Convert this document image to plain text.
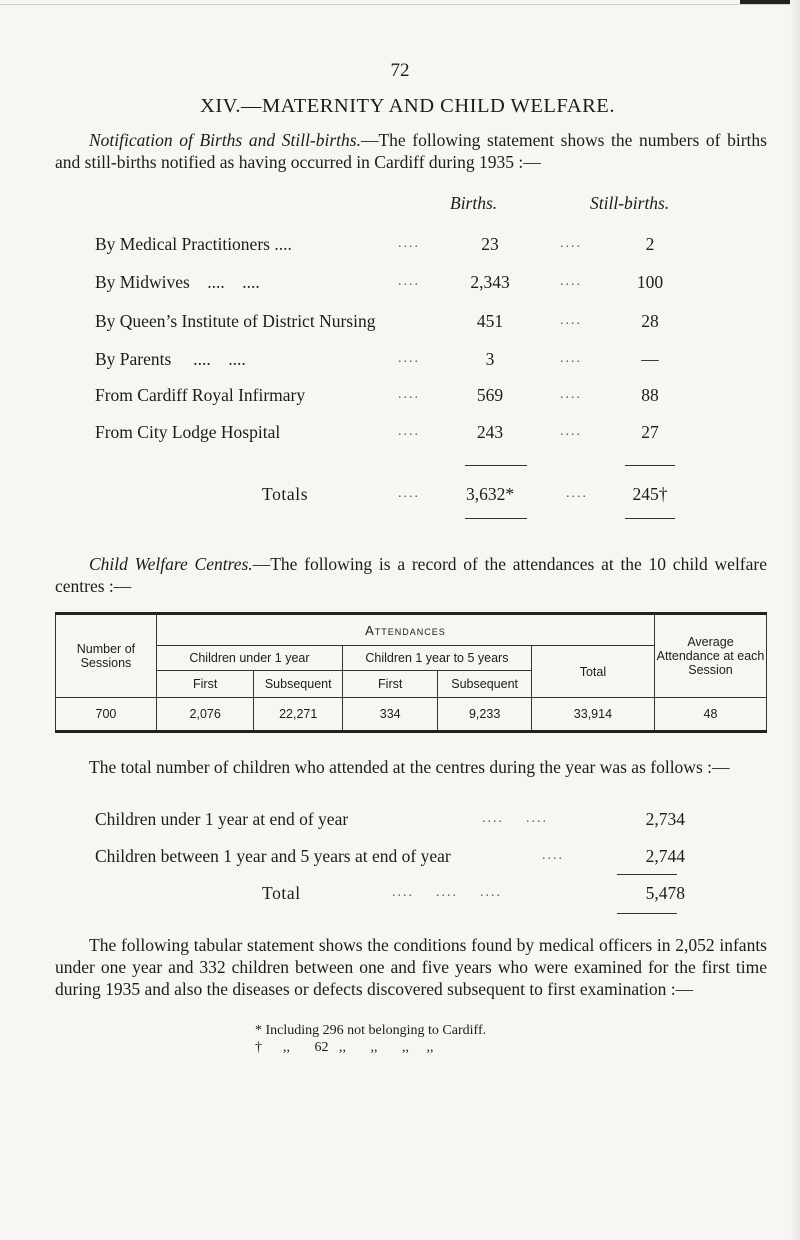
72
XIV.—MATERNITY AND CHILD WELFARE.
Notification of Births and Still-births.—The following statement shows the numbers of births and still-births notified as having occurred in Cardiff during 1935 :—
Births.	Still-births.
By Medical Practitioners ....	....	23	....	2
By Midwives    ....    ....	....	2,343	....	100
By Queen’s Institute of District Nursing	451	....	28
By Parents     ....    ....	....	3	....	—
From Cardiff Royal Infirmary	....	569	....	88
From City Lodge Hospital	....	243	....	27
Totals	....	3,632*	....	245†
Child Welfare Centres.—The following is a record of the attendances at the 10 child welfare centres :—
Number of Sessions	Attendances					Average Attendance at each Session
	Children under 1 year		Children 1 year to 5 years		Total	
	First	Subsequent	First	Subsequent		
700	2,076	22,271	334	9,233	33,914	48
The total number of children who attended at the centres during the year was as follows :—
Children under 1 year at end of year	....    ....	2,734
Children between 1 year and 5 years at end of year	....	2,744
Total	....    ....    ....	5,478
The following tabular statement shows the conditions found by medical officers in 2,052 infants under one year and 332 children between one and five years who were examined for the first time during 1935 and also the diseases or defects discovered subsequent to first examination :—
* Including 296 not belonging to Cardiff.
†      ,,       62   ,,       ,,       ,,     ,,
